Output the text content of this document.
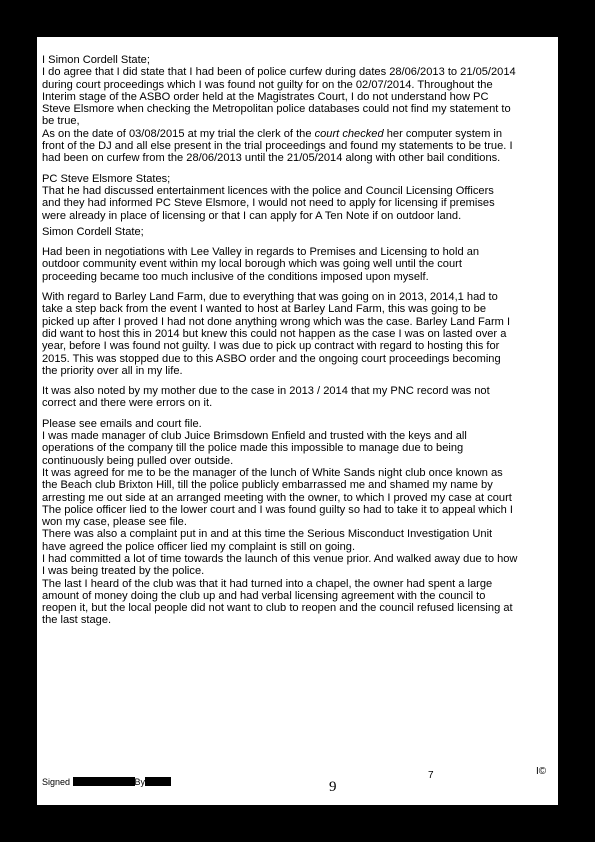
I Simon Cordell State;
I do agree that I did state that I had been of police curfew during dates 28/06/2013 to 21/05/2014
during court proceedings which I was found not guilty for on the 02/07/2014. Throughout the
Interim stage of the ASBO order held at the Magistrates Court, I do not understand how PC
Steve Elsmore when checking the Metropolitan police databases could not find my statement to
be true,
As on the date of 03/08/2015 at my trial the clerk of the court checked her computer system in
front of the DJ and all else present in the trial proceedings and found my statements to be true. I
had been on curfew from the 28/06/2013 until the 21/05/2014 along with other bail conditions.
PC Steve Elsmore States;
That he had discussed entertainment licences with the police and Council Licensing Officers
and they had informed PC Steve Elsmore, I would not need to apply for licensing if premises
were already in place of licensing or that I can apply for A Ten Note if on outdoor land.
Simon Cordell State;
Had been in negotiations with Lee Valley in regards to Premises and Licensing to hold an
outdoor community event within my local borough which was going well until the court
proceeding became too much inclusive of the conditions imposed upon myself.
With regard to Barley Land Farm, due to everything that was going on in 2013, 2014,1 had to
take a step back from the event I wanted to host at Barley Land Farm, this was going to be
picked up after I proved I had not done anything wrong which was the case. Barley Land Farm I
did want to host this in 2014 but knew this could not happen as the case I was on lasted over a
year, before I was found not guilty. I was due to pick up contract with regard to hosting this for
2015. This was stopped due to this ASBO order and the ongoing court proceedings becoming
the priority over all in my life.
It was also noted by my mother due to the case in 2013 / 2014 that my PNC record was not
correct and there were errors on it.
Please see emails and court file.
I was made manager of club Juice Brimsdown Enfield and trusted with the keys and all
operations of the company till the police made this impossible to manage due to being
continuously being pulled over outside.
It was agreed for me to be the manager of the lunch of White Sands night club once known as
the Beach club Brixton Hill, till the police publicly embarrassed me and shamed my name by
arresting me out side at an arranged meeting with the owner, to which I proved my case at court
The police officer lied to the lower court and I was found guilty so had to take it to appeal which I
won my case, please see file.
There was also a complaint put in and at this time the Serious Misconduct Investigation Unit
have agreed the police officer lied my complaint is still on going.
I had committed a lot of time towards the launch of this venue prior. And walked away due to how
I was being treated by the police.
The last I heard of the club was that it had turned into a chapel, the owner had spent a large
amount of money doing the club up and had verbal licensing agreement with the council to
reopen it, but the local people did not want to club to reopen and the council refused licensing at
the last stage.
Signed	By	9
7	I©
